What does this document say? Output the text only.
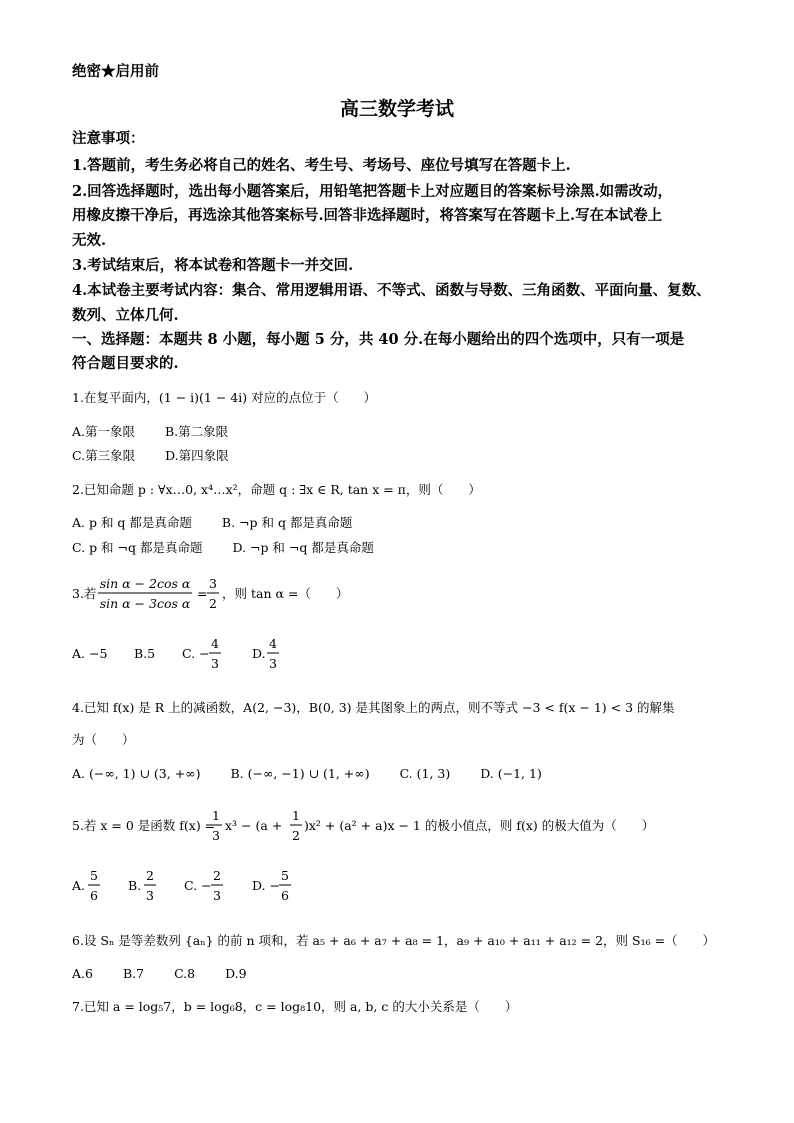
绝密★启用前
高三数学考试
注意事项：
1.答题前，考生务必将自己的姓名、考生号、考场号、座位号填写在答题卡上.
2.回答选择题时，选出每小题答案后，用铅笔把答题卡上对应题目的答案标号涂黑.如需改动，
用橡皮擦干净后，再选涂其他答案标号.回答非选择题时，将答案写在答题卡上.写在本试卷上
无效.
3.考试结束后，将本试卷和答题卡一并交回.
4.本试卷主要考试内容：集合、常用逻辑用语、不等式、函数与导数、三角函数、平面向量、复数、
数列、立体几何.
一、选择题：本题共 8 小题，每小题 5 分，共 40 分.在每小题给出的四个选项中，只有一项是
符合题目要求的.
1.在复平面内，(1 − i)(1 − 4i) 对应的点位于（　　）
A.第一象限 B.第二象限
C.第三象限 D.第四象限
2.已知命题 p : ∀x…0, x⁴…x²，命题 q : ∃x ∈ R, tan x = π，则（　　）
A. p 和 q 都是真命题 B. ¬p 和 q 都是真命题
C. p 和 ¬q 都是真命题 D. ¬p 和 ¬q 都是真命题
3.若
sin α − 2cos α
sin α − 3cos α
=
3
2
，则 tan α =（　　）
A. −5 B.5 C. −
4
3
D.
4
3
4.已知 f(x) 是 R 上的减函数，A(2, −3)，B(0, 3) 是其图象上的两点，则不等式 −3 < f(x − 1) < 3 的解集
为（　　）
A. (−∞, 1) ∪ (3, +∞) B. (−∞, −1) ∪ (1, +∞) C. (1, 3) D. (−1, 1)
5.若 x = 0 是函数 f(x) =
1
3
x³ − (a +
1
2
)x² + (a² + a)x − 1 的极小值点，则 f(x) 的极大值为（　　）
A.
5
6
B.
2
3
C. −
2
3
D. −
5
6
6.设 Sₙ 是等差数列 {aₙ} 的前 n 项和，若 a₅ + a₆ + a₇ + a₈ = 1，a₉ + a₁₀ + a₁₁ + a₁₂ = 2，则 S₁₆ =（　　）
A.6 B.7 C.8 D.9
7.已知 a = log₅7，b = log₆8，c = log₈10，则 a, b, c 的大小关系是（　　）
